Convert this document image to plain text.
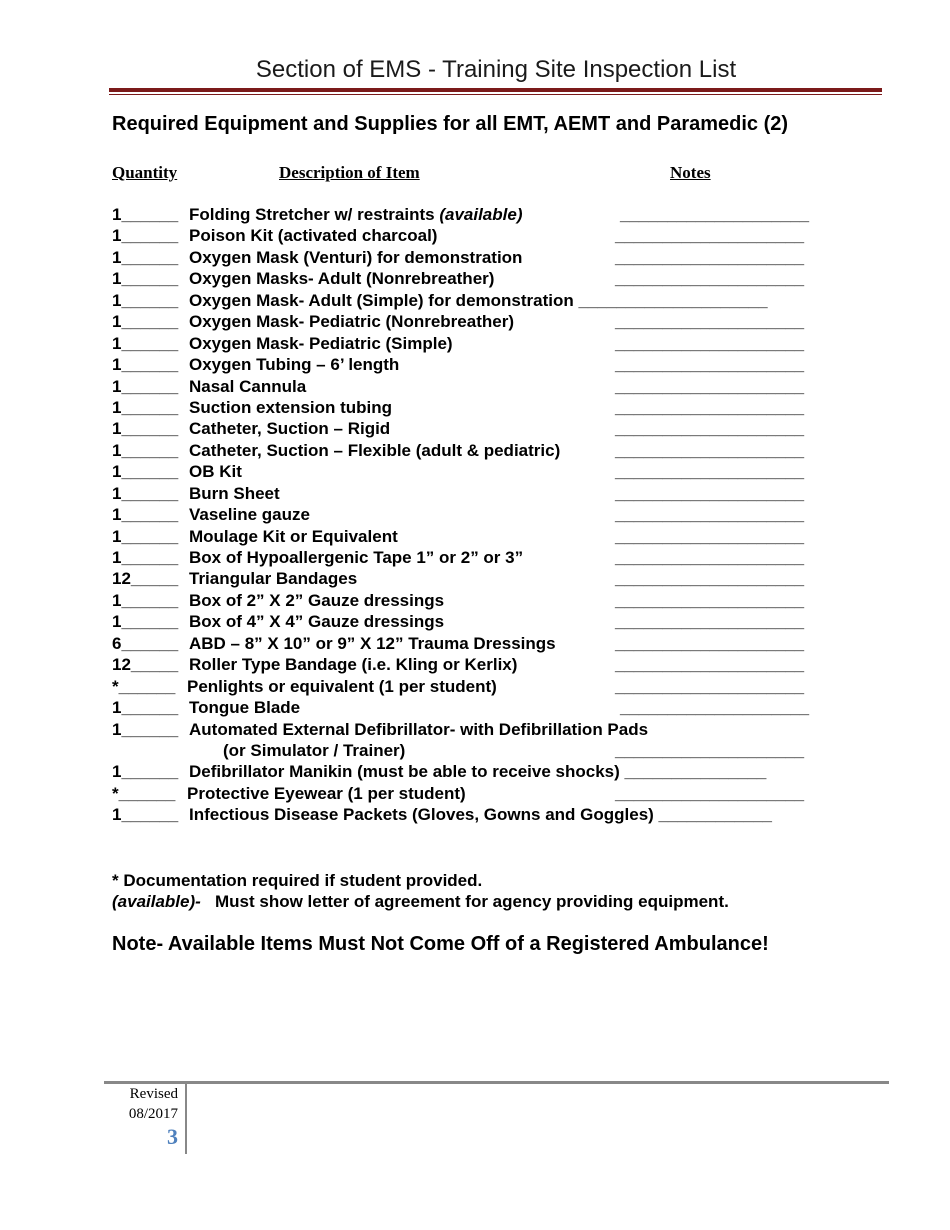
Section of EMS - Training Site Inspection List
Required Equipment and Supplies for all EMT, AEMT and Paramedic (2)
Quantity	Description of Item	Notes
1______ Folding Stretcher w/ restraints (available)	____________________
1______ Poison Kit (activated charcoal)	____________________
1______ Oxygen Mask (Venturi) for demonstration	____________________
1______ Oxygen Masks- Adult (Nonrebreather)	____________________
1______ Oxygen Mask- Adult (Simple) for demonstration ____________________
1______ Oxygen Mask- Pediatric (Nonrebreather)	____________________
1______ Oxygen Mask- Pediatric (Simple)	____________________
1______ Oxygen Tubing – 6’ length	____________________
1______ Nasal Cannula	____________________
1______ Suction extension tubing	____________________
1______ Catheter, Suction – Rigid	____________________
1______ Catheter, Suction – Flexible (adult & pediatric)	____________________
1______ OB Kit	____________________
1______ Burn Sheet	____________________
1______ Vaseline gauze	____________________
1______ Moulage Kit or Equivalent	____________________
1______ Box of Hypoallergenic Tape 1” or 2” or 3”	____________________
12_____ Triangular Bandages	____________________
1______ Box of 2” X 2” Gauze dressings	____________________
1______ Box of 4” X 4” Gauze dressings	____________________
6______ ABD – 8” X 10” or 9” X 12” Trauma Dressings	____________________
12_____ Roller Type Bandage (i.e. Kling or Kerlix)	____________________
*______ Penlights or equivalent (1 per student)	____________________
1______ Tongue Blade	____________________
1______ Automated External Defibrillator- with Defibrillation Pads
(or Simulator / Trainer)	____________________
1______ Defibrillator Manikin (must be able to receive shocks) _______________
*______ Protective Eyewear (1 per student)	____________________
1______ Infectious Disease Packets (Gloves, Gowns and Goggles) ____________
* Documentation required if student provided.
(available)-   Must show letter of agreement for agency providing equipment.
Note- Available Items Must Not Come Off of a Registered Ambulance!
Revised
08/2017
3
